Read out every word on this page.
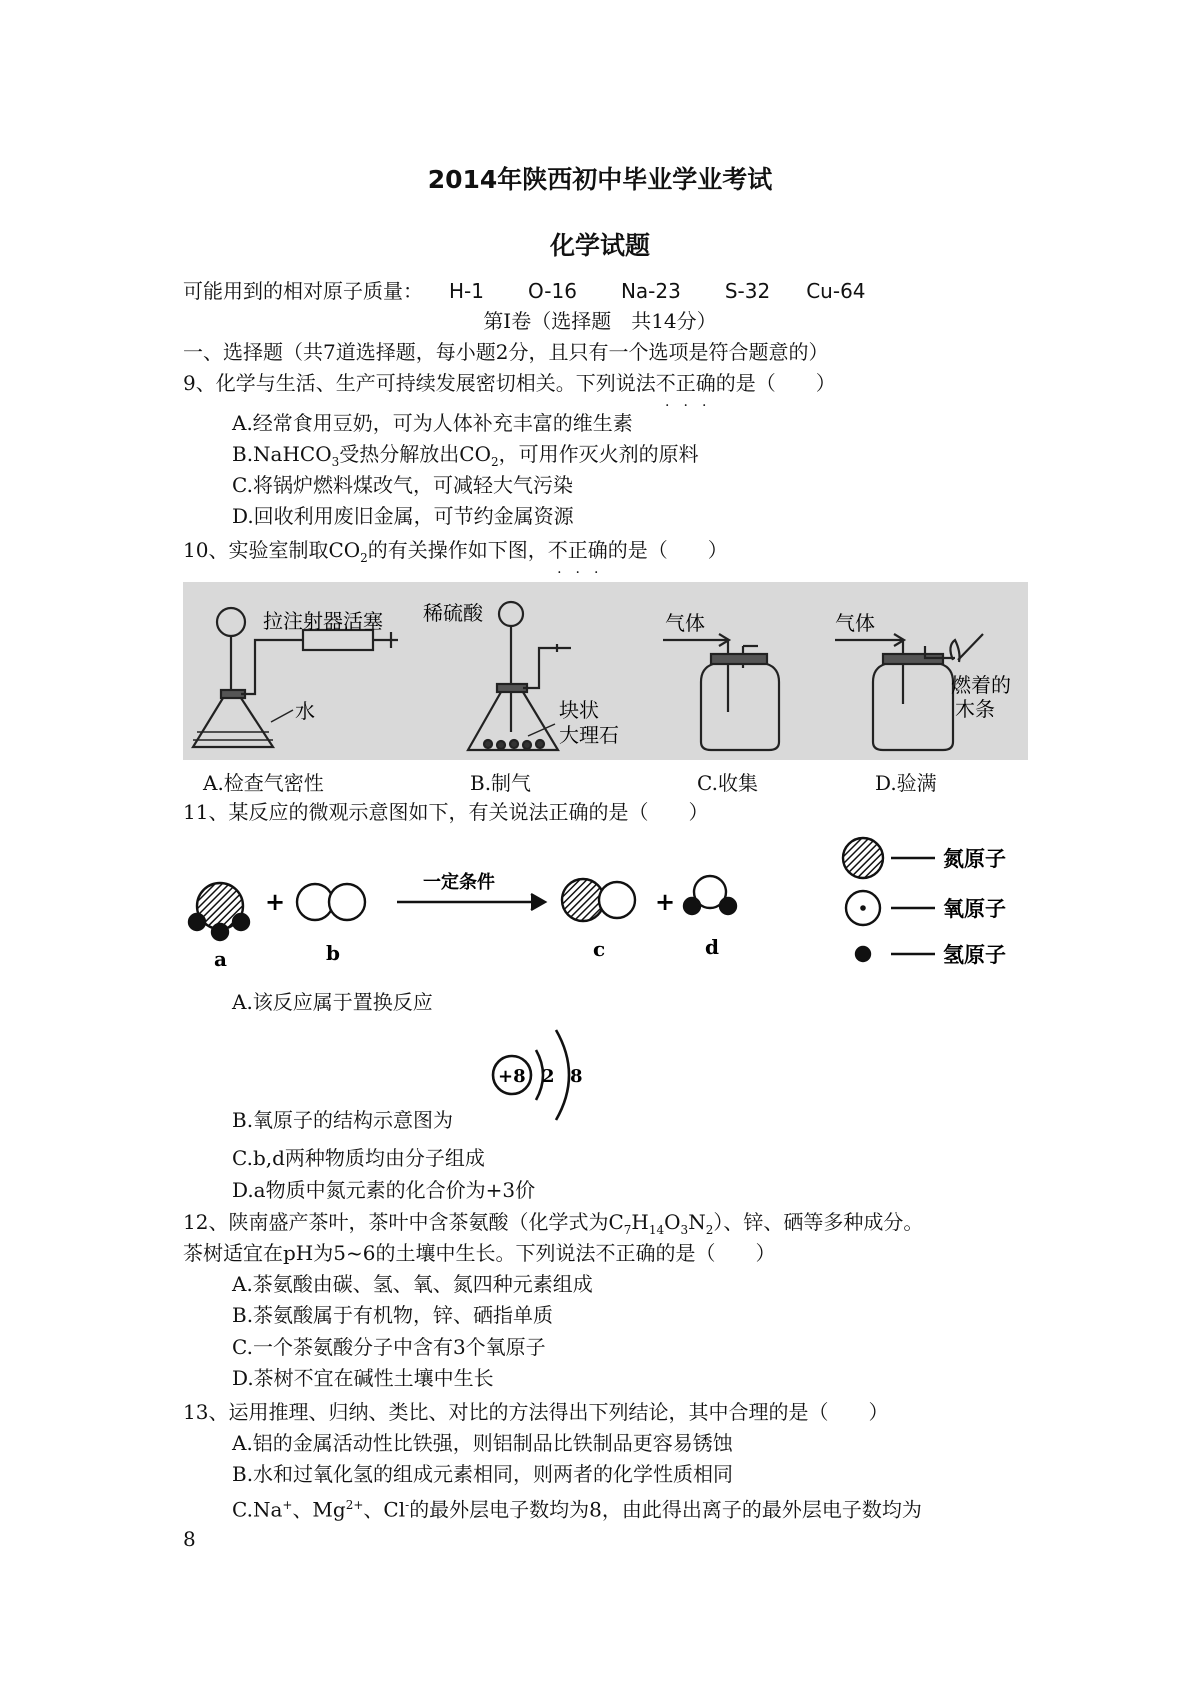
2014年陕西初中毕业学业考试
化学试题
可能用到的相对原子质量： H-1 O-16 Na-23 S-32 Cu-64
第Ⅰ卷（选择题　共14分）
一、选择题（共7道选择题，每小题2分，且只有一个选项是符合题意的）
9、化学与生活、生产可持续发展密切相关。下列说法不正确
·　·　·
的是（　　）
A.经常食用豆奶，可为人体补充丰富的维生素
B.NaHCO$_3$受热分解放出$CO_2$，可用作灭火剂的原料
C.将锅炉燃料煤改气，可减轻大气污染
D.回收利用废旧金属，可节约金属资源
10、实验室制取$CO_2$的有关操作如下图，不正确
·　·　·
的是（　　）
拉注射器活塞
水
稀硫酸
块状
大理石
气体	气体
燃着的
木条
A.检查气密性	B.制气	C.收集	D.验满
11、某反应的微观示意图如下，有关说法正确的是（　　）
+	+
一定条件
a	b	c	d
氮原子
氧原子
氢原子
A.该反应属于置换反应
B.氧原子的结构示意图为
+8 2 8
C.b,d两种物质均由分子组成
D.a物质中氮元素的化合价为+3价
12、陕南盛产茶叶，茶叶中含茶氨酸（化学式为$C_7H_{14}O_3N_2$）、锌、硒等多种成分。
茶树适宜在pH为5~6的土壤中生长。下列说法不正确的是（　　）
A.茶氨酸由碳、氢、氧、氮四种元素组成
B.茶氨酸属于有机物，锌、硒指单质
C.一个茶氨酸分子中含有3个氧原子
D.茶树不宜在碱性土壤中生长
13、运用推理、归纳、类比、对比的方法得出下列结论，其中合理的是（　　）
A.铝的金属活动性比铁强，则铝制品比铁制品更容易锈蚀
B.水和过氧化氢的组成元素相同，则两者的化学性质相同
C.Na+、$Mg^{2+}$、Cl-的最外层电子数均为8，由此得出离子的最外层电子数均为
8
